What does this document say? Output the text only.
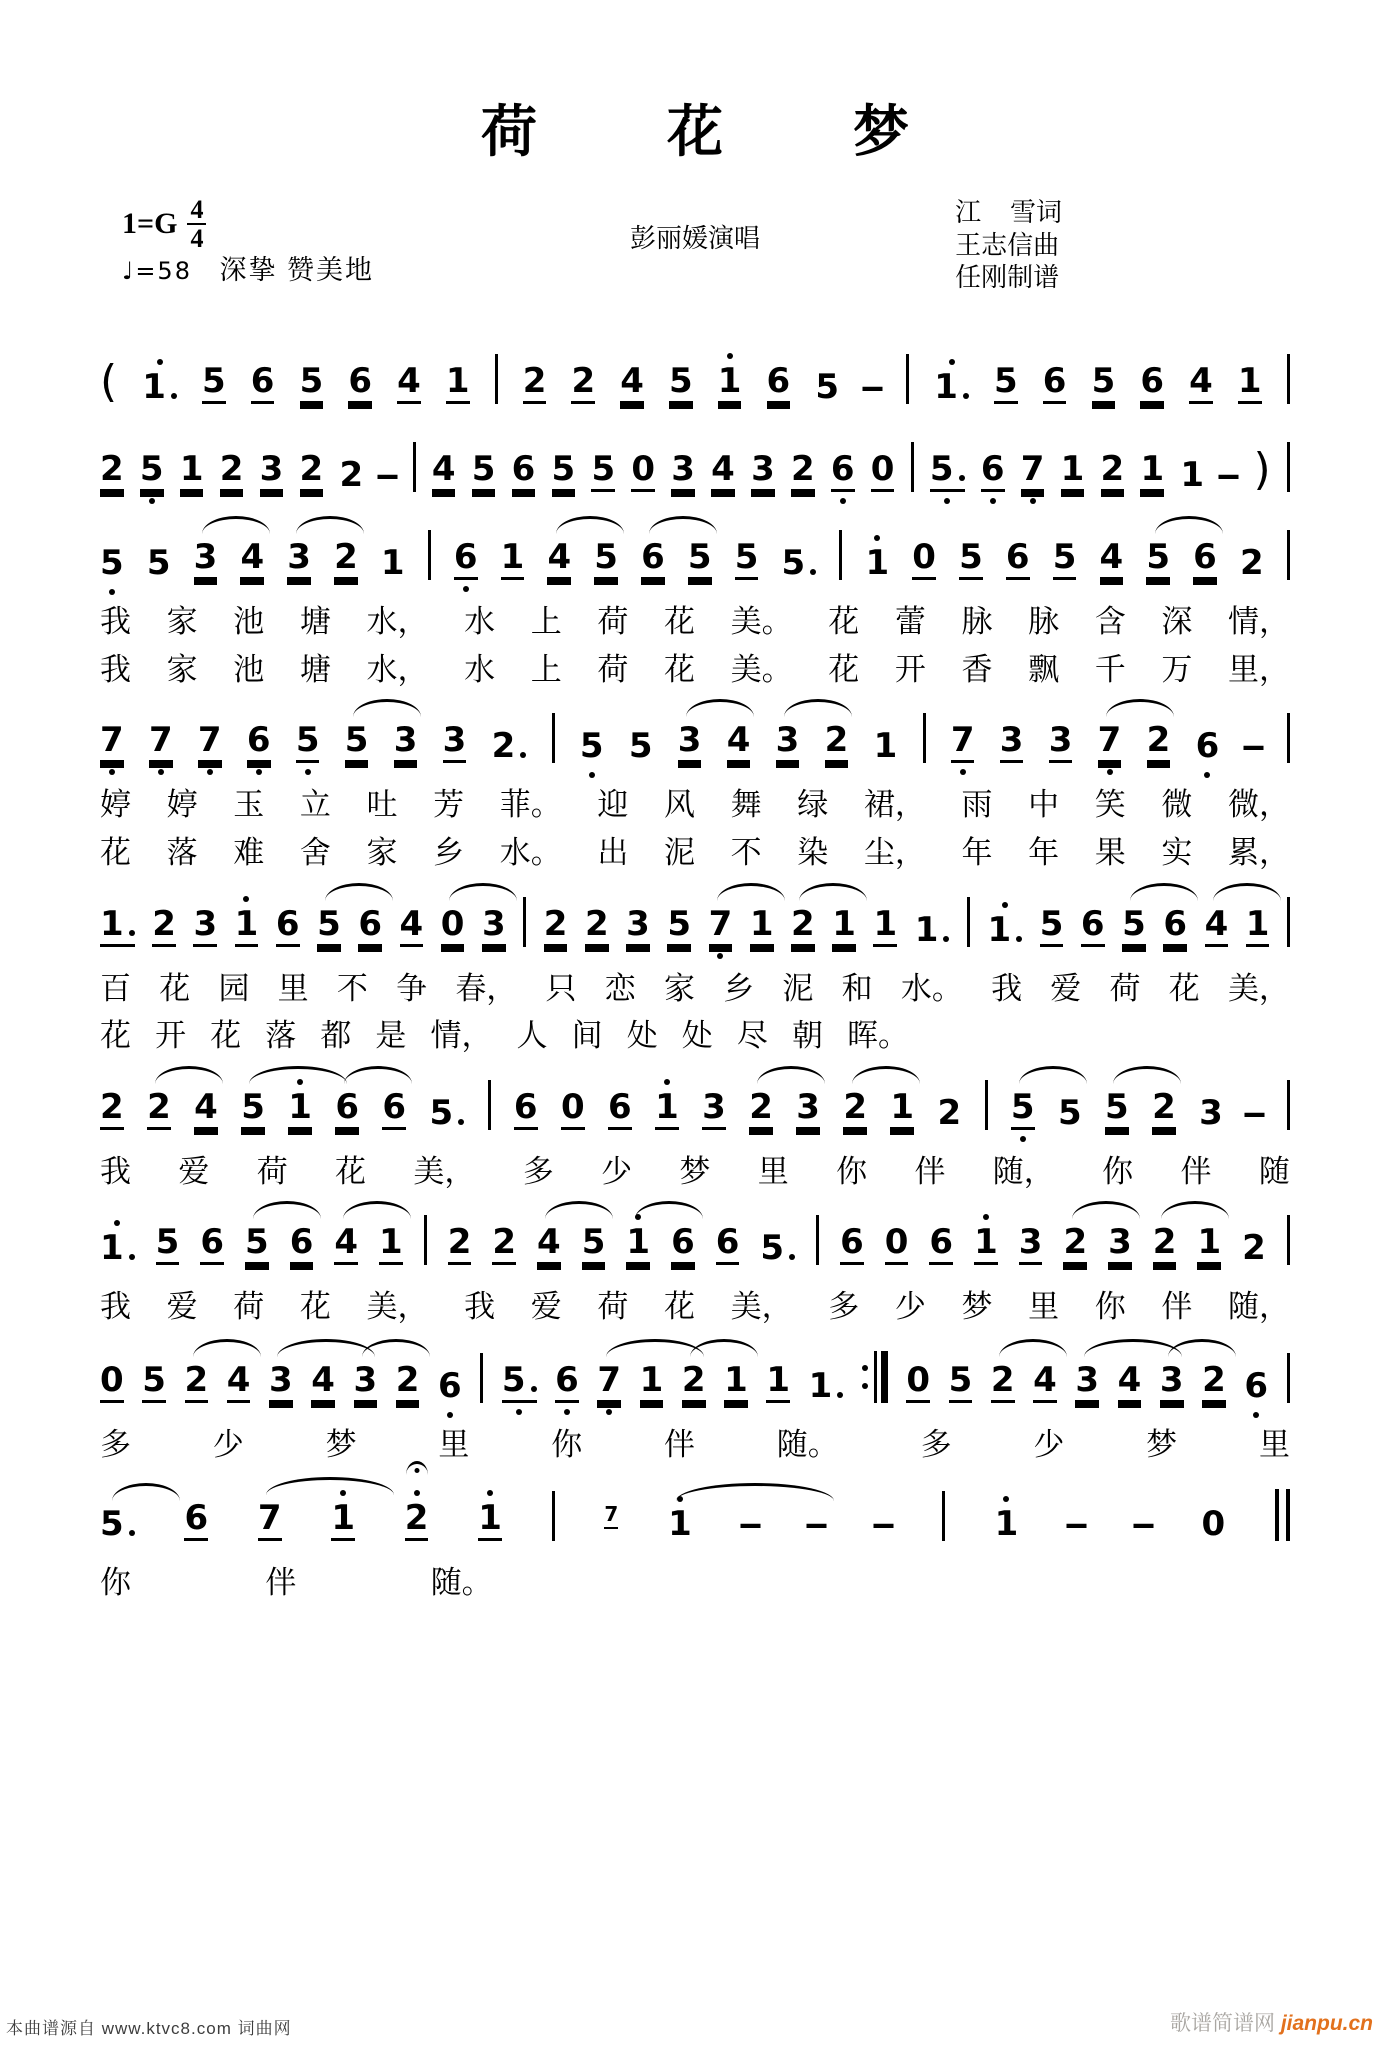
荷 花 梦
$1=G \frac{4}{4}$
♩=58 深挚 赞美地
彭丽媛演唱
江    雪词
王志信曲
任刚制谱
( 1 5 6 5 6 4 1 2 2 4 5 1 6 5 – 1 5 6 5 6 4 1
2 5 1 2 3 2 2 – 4 5 6 5 5 0 3 4 3 2 6 0 5 6 7 1 2 1 1 – )
5 5 3 4 3 2 1 6 1 4 5 6 5 5 5 1 0 5 6 5 4 5 6 2
我 家 池 塘 水， 水 上 荷 花 美。 花 蕾 脉 脉 含 深 情，
我 家 池 塘 水， 水 上 荷 花 美。 花 开 香 飘 千 万 里，
7 7 7 6 5 5 3 3 2 5 5 3 4 3 2 1 7 3 3 7 2 6 –
婷 婷 玉 立 吐 芳 菲。 迎 风 舞 绿 裙， 雨 中 笑 微 微，
花 落 难 舍 家 乡 水。 出 泥 不 染 尘， 年 年 果 实 累，
1 2 3 1 6 5 6 4 0 3 2 2 3 5 7 1 2 1 1 1 1 5 6 5 6 4 1
百 花 园 里 不 争 春， 只 恋 家 乡 泥 和 水。 我 爱 荷 花 美，
花 开 花 落 都 是 情， 人 间 处 处 尽 朝 晖。
2 2 4 5 1 6 6 5 6 0 6 1 3 2 3 2 1 2 5 5 5 2 3 –
我 爱 荷 花 美， 多 少 梦 里 你 伴 随， 你 伴 随
1 5 6 5 6 4 1 2 2 4 5 1 6 6 5 6 0 6 1 3 2 3 2 1 2
我 爱 荷 花 美， 我 爱 荷 花 美， 多 少 梦 里 你 伴 随，
0 5 2 4 3 4 3 2 6 5 6 7 1 2 1 1 1 0 5 2 4 3 4 3 2 6
多	少	梦	里	你	伴	随。	多	少	梦	里
5 6 7 1 2 1	7 1 – – –	1 – – 0
你	伴	随。
本曲谱源自 www.ktvc8.com 词曲网	歌谱简谱网 jianpu.cn
